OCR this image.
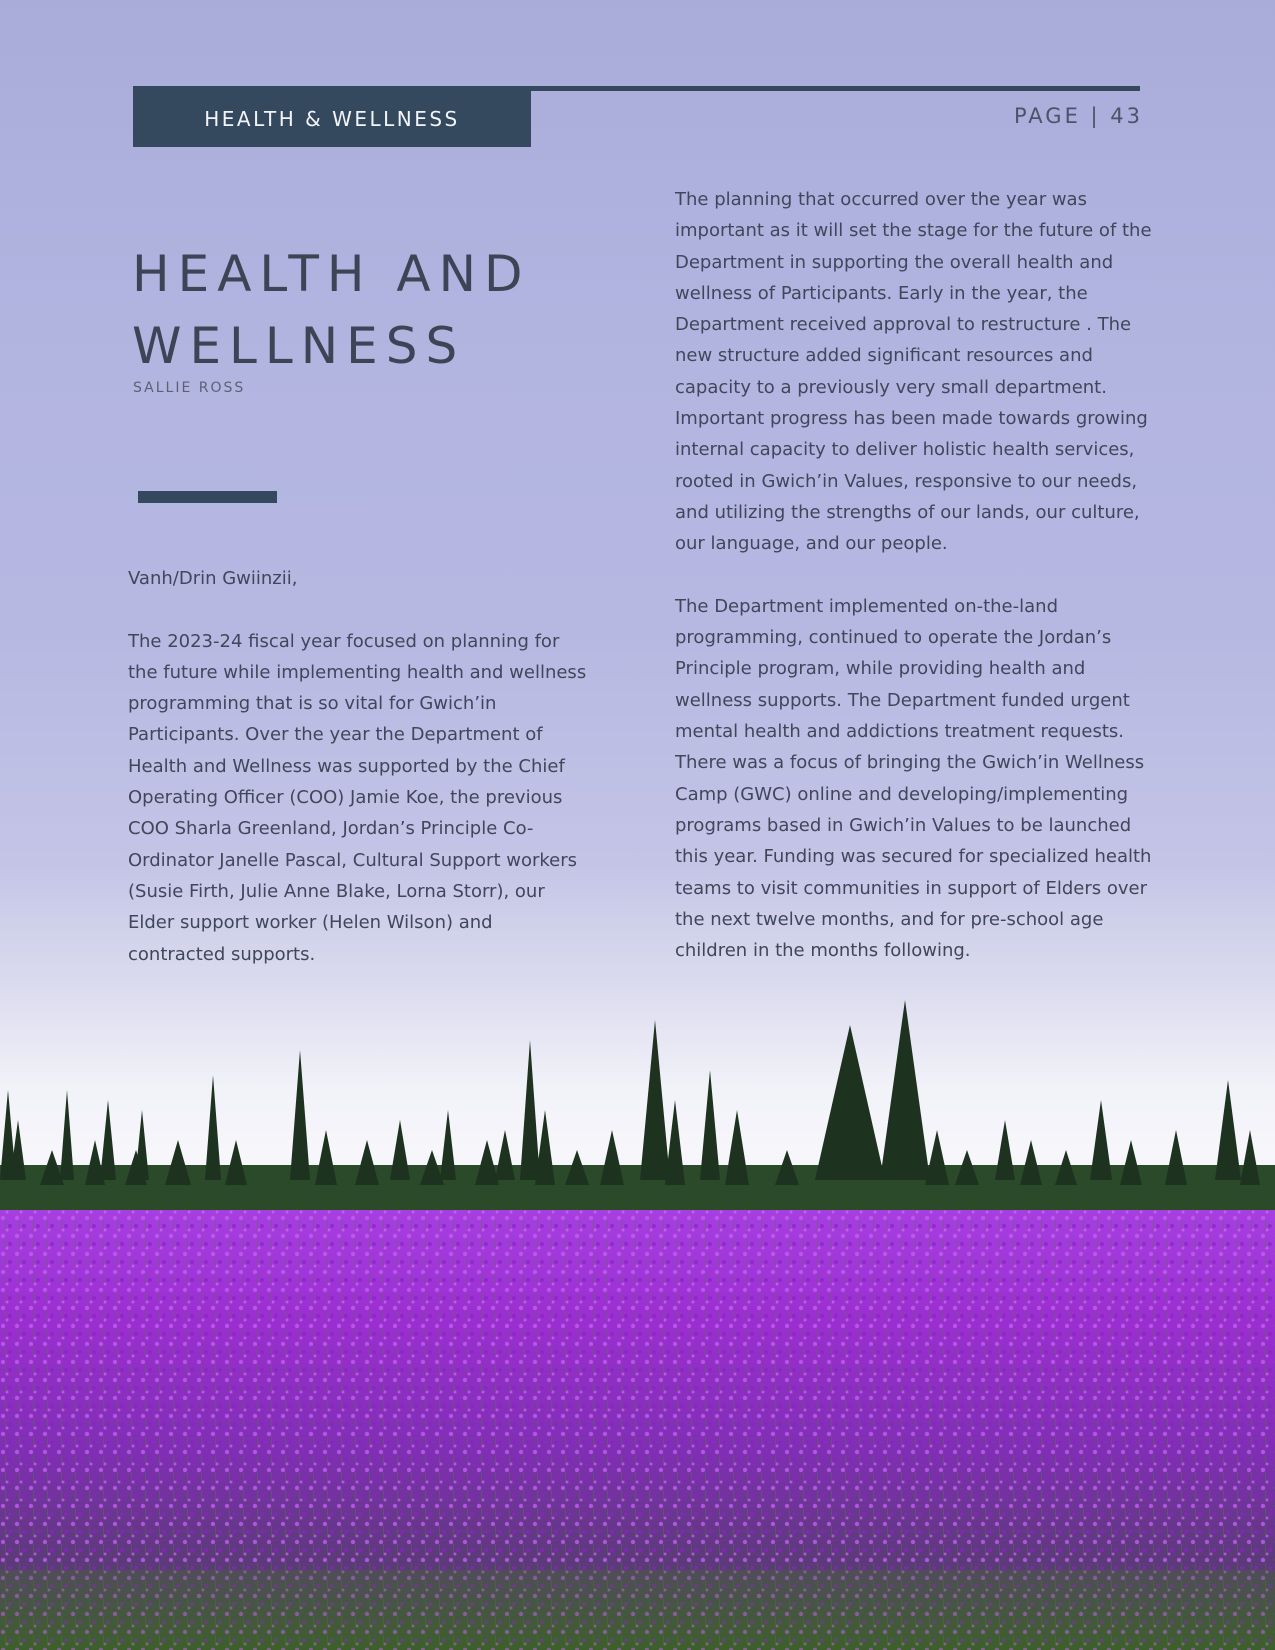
HEALTH & WELLNESS	PAGE | 43
HEALTH AND
WELLNESS
SALLIE ROSS

Vanh/Drin Gwiinzii,

The 2023-24 fiscal year focused on planning for
the future while implementing health and wellness
programming that is so vital for Gwich’in
Participants. Over the year the Department of
Health and Wellness was supported by the Chief
Operating Officer (COO) Jamie Koe, the previous
COO Sharla Greenland, Jordan’s Principle Co-
Ordinator Janelle Pascal, Cultural Support workers
(Susie Firth, Julie Anne Blake, Lorna Storr), our
Elder support worker (Helen Wilson) and
contracted supports.

The planning that occurred over the year was
important as it will set the stage for the future of the
Department in supporting the overall health and
wellness of Participants. Early in the year, the
Department received approval to restructure . The
new structure added significant resources and
capacity to a previously very small department.
Important progress has been made towards growing
internal capacity to deliver holistic health services,
rooted in Gwich’in Values, responsive to our needs,
and utilizing the strengths of our lands, our culture,
our language, and our people.

The Department implemented on-the-land
programming, continued to operate the Jordan’s
Principle program, while providing health and
wellness supports. The Department funded urgent
mental health and addictions treatment requests.
There was a focus of bringing the Gwich’in Wellness
Camp (GWC) online and developing/implementing
programs based in Gwich’in Values to be launched
this year. Funding was secured for specialized health
teams to visit communities in support of Elders over
the next twelve months, and for pre-school age
children in the months following.
